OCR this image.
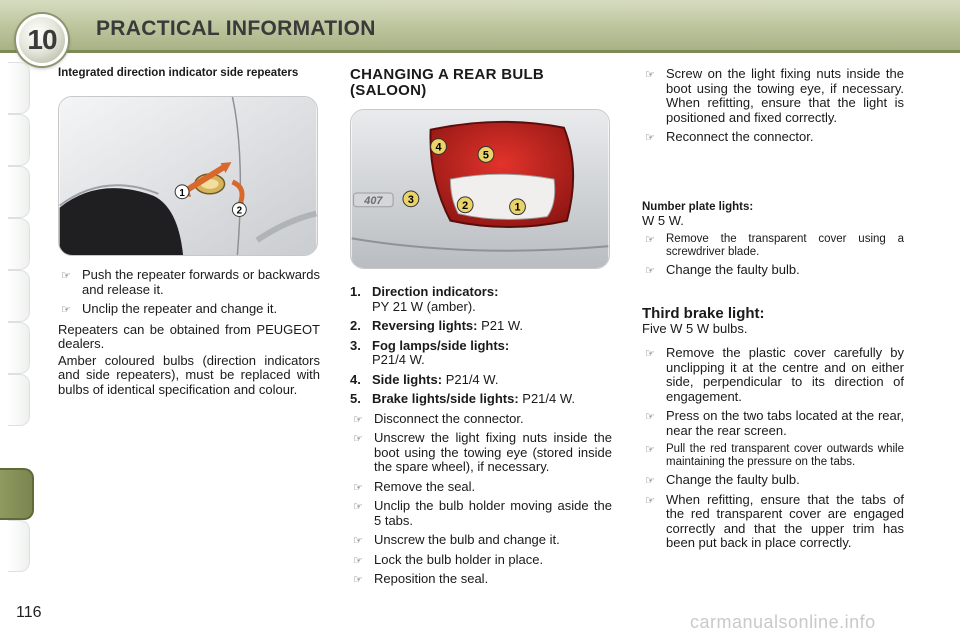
10 PRACTICAL INFORMATION
Integrated direction indicator side repeaters
1
2
☞ Push the repeater forwards or backwards and release it.
☞ Unclip the repeater and change it.
Repeaters can be obtained from PEUGEOT dealers.
Amber coloured bulbs (direction indicators and side repeaters), must be replaced with bulbs of identical specification and colour.
CHANGING A REAR BULB (SALOON)
407
4
5
3	2	1
1. Direction indicators:
PY 21 W (amber).
2. Reversing lights: P21 W.
3. Fog lamps/side lights:
P21/4 W.
4. Side lights: P21/4 W.
5. Brake lights/side lights: P21/4 W.
☞ Disconnect the connector.
☞ Unscrew the light fixing nuts inside the boot using the towing eye (stored inside the spare wheel), if necessary.
☞ Remove the seal.
☞ Unclip the bulb holder moving aside the 5 tabs.
☞ Unscrew the bulb and change it.
☞ Lock the bulb holder in place.
☞ Reposition the seal.
☞ Screw on the light fixing nuts inside the boot using the towing eye, if necessary. When refitting, ensure that the light is positioned and fixed correctly.
☞ Reconnect the connector.
Number plate lights:
W 5 W.
☞ Remove the transparent cover using a screwdriver blade.
☞ Change the faulty bulb.
Third brake light:
Five W 5 W bulbs.
☞ Remove the plastic cover carefully by unclipping it at the centre and on either side, perpendicular to its direction of engagement.
☞ Press on the two tabs located at the rear, near the rear screen.
☞ Pull the red transparent cover outwards while maintaining the pressure on the tabs.
☞ Change the faulty bulb.
☞ When refitting, ensure that the tabs of the red transparent cover are engaged correctly and that the upper trim has been put back in place correctly.
116	carmanualsonline.info
